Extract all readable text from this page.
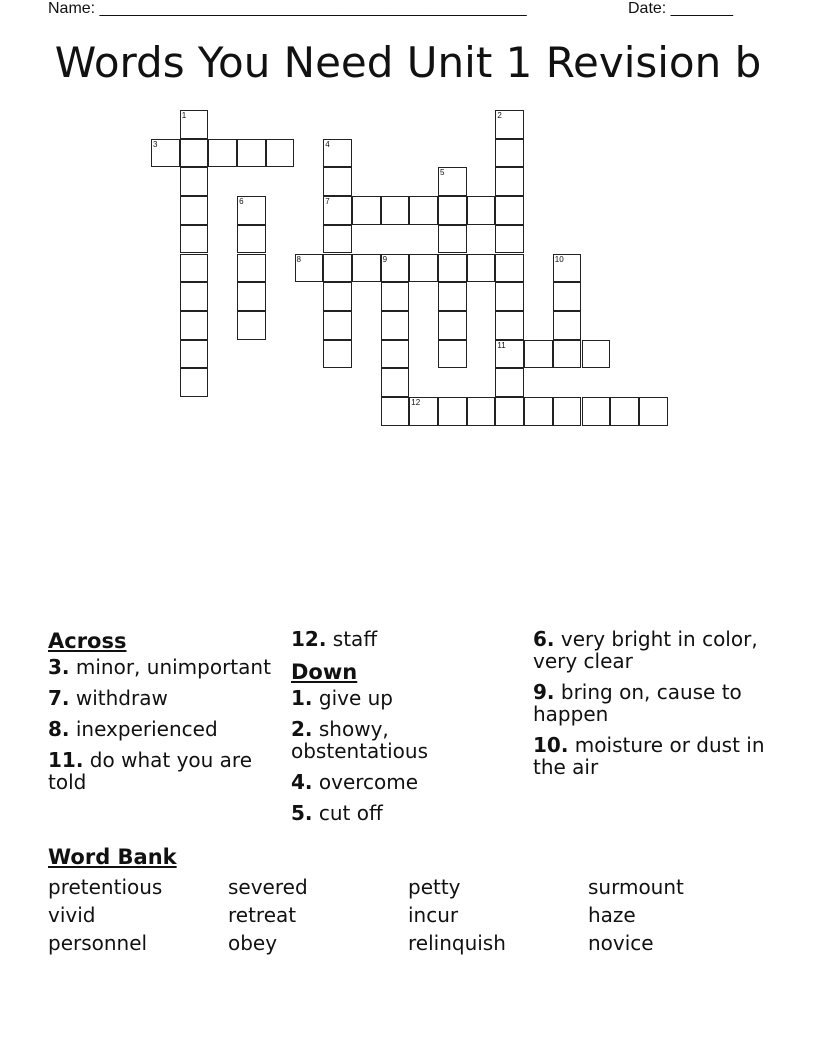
Name: ________________________________________________	Date: _______
Words You Need Unit 1 Revision b
3
7
8	9
11
12
1	2
4
5
6
10
Across
3. minor, unimportant
7. withdraw
8. inexperienced
11. do what you are told
12. staff
Down
1. give up
2. showy, obstentatious
4. overcome
5. cut off
6. very bright in color, very clear
9. bring on, cause to happen
10. moisture or dust in the air
Word Bank
pretentious	severed	petty	surmount
vivid	retreat	incur	haze
personnel	obey	relinquish	novice
